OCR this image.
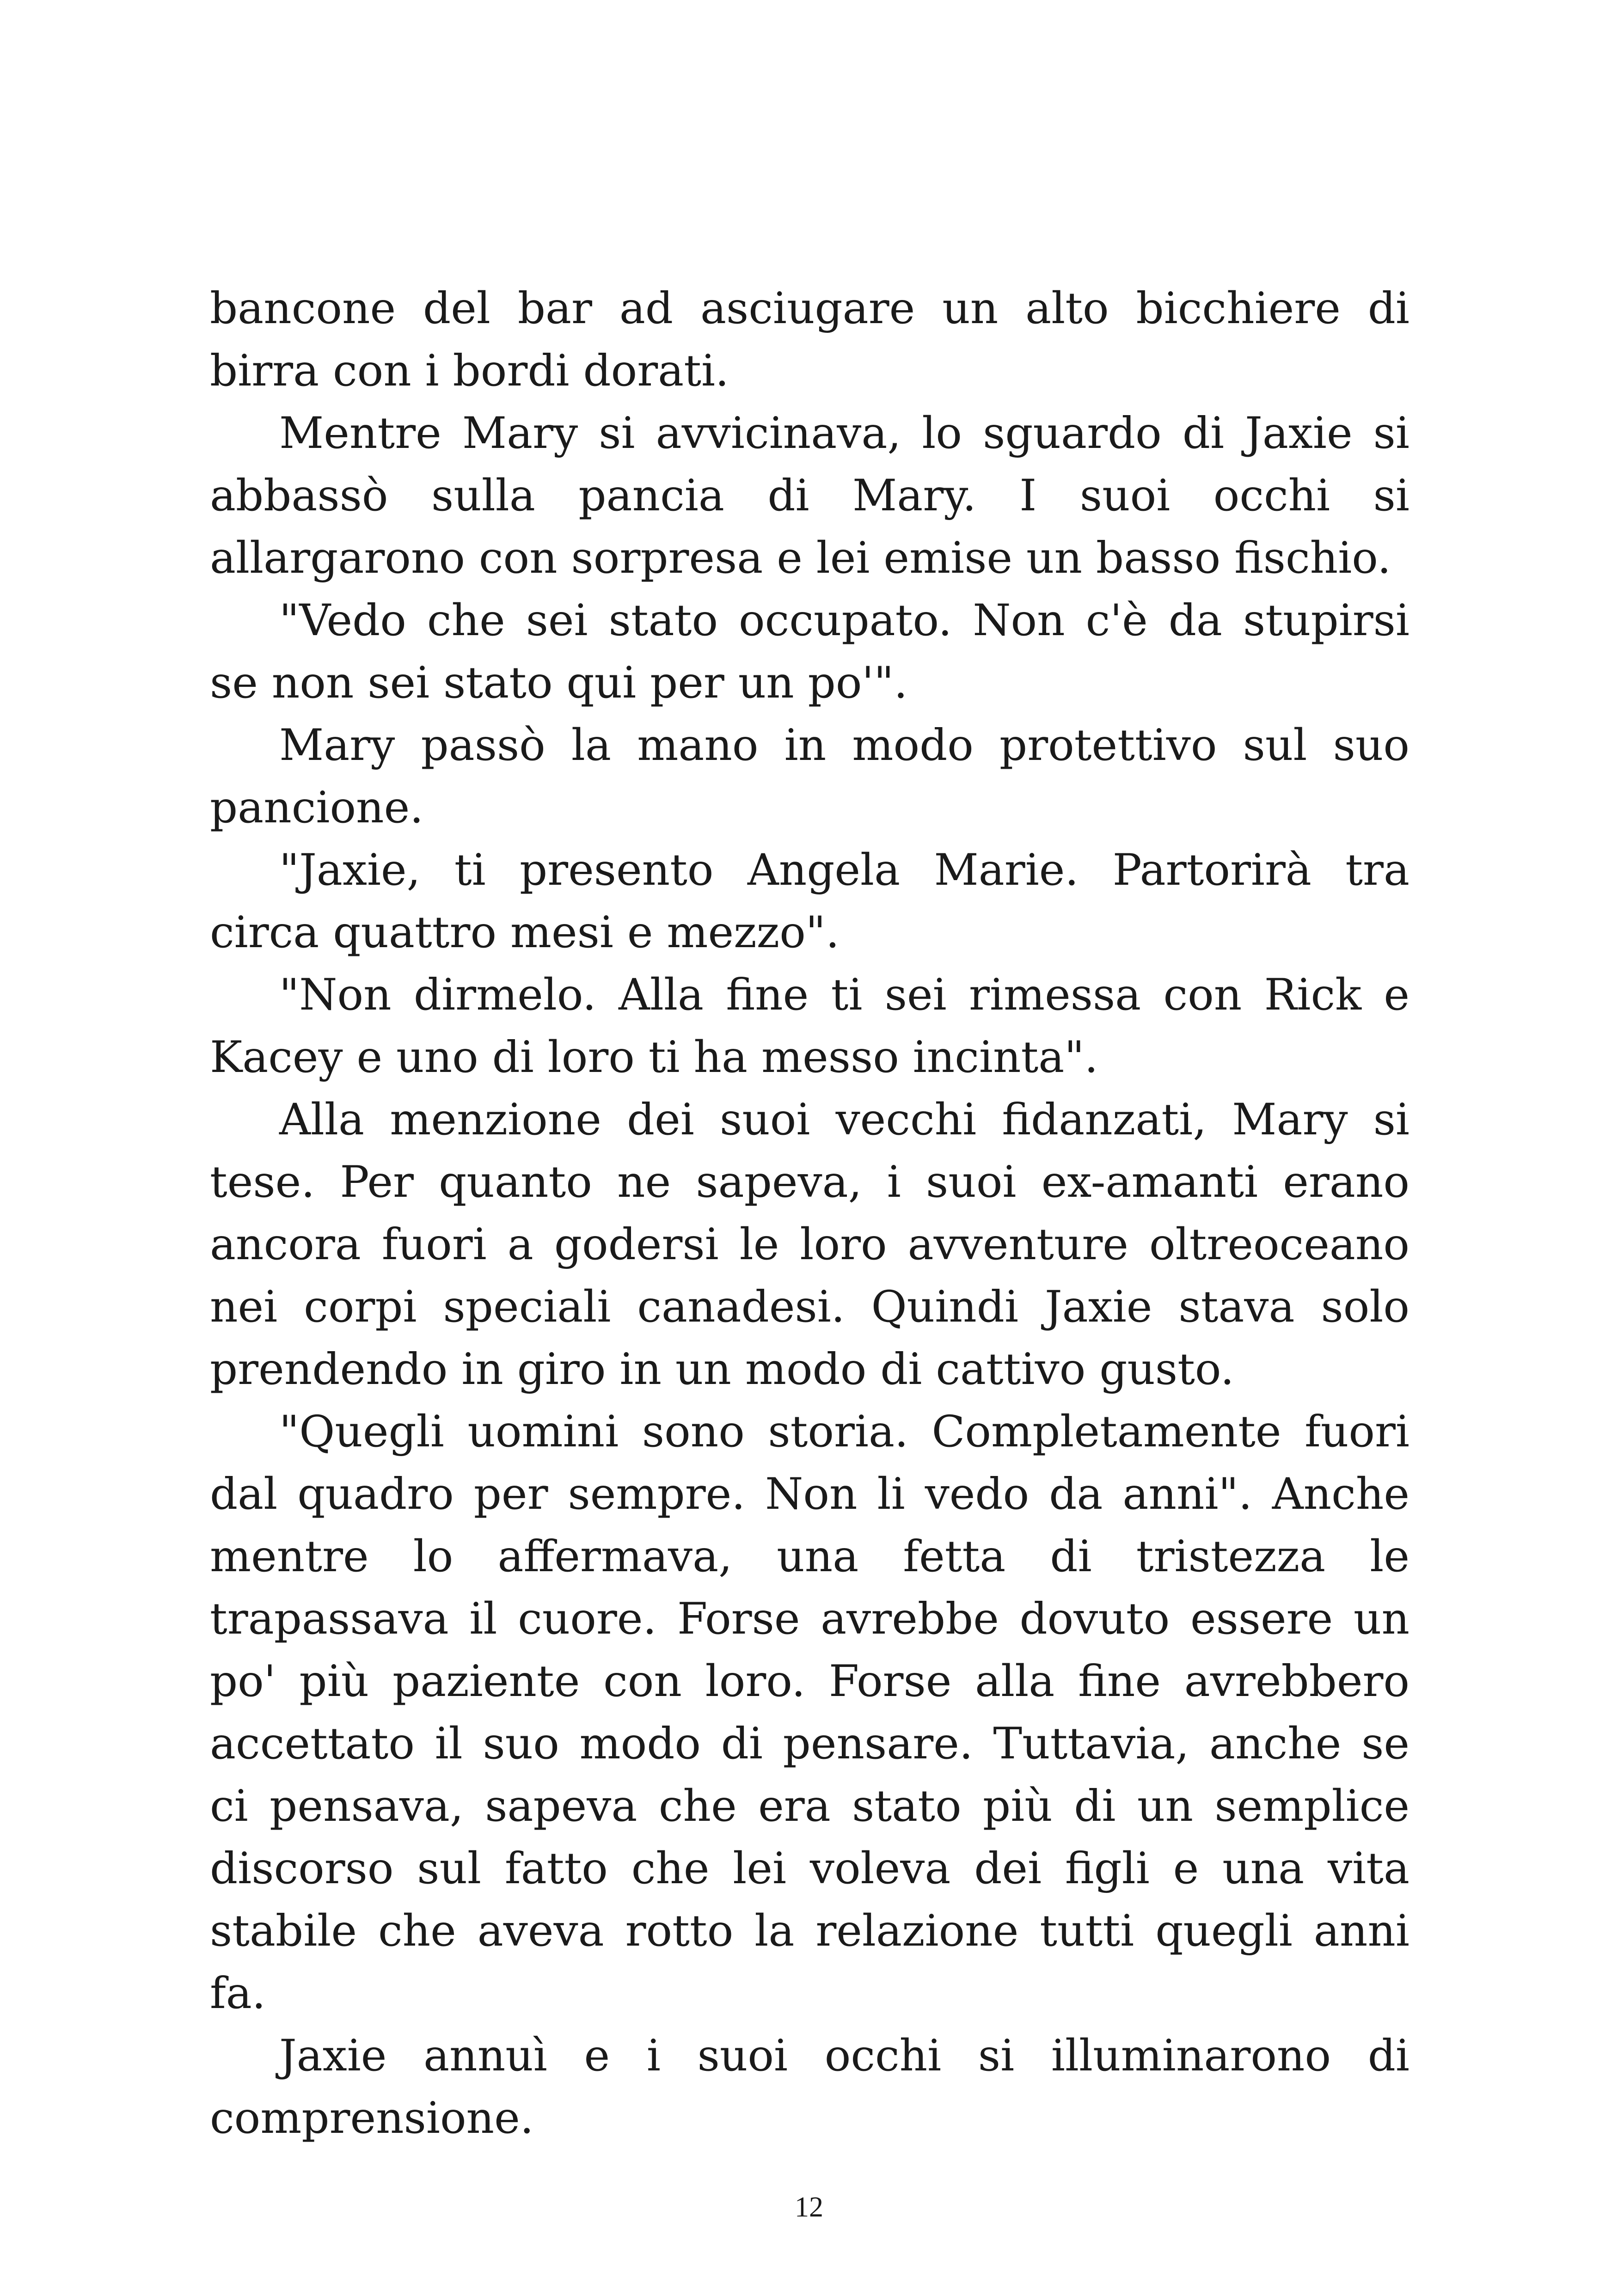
bancone del bar ad asciugare un alto bicchiere di birra con i bordi dorati.

Mentre Mary si avvicinava, lo sguardo di Jaxie si abbassò sulla pancia di Mary. I suoi occhi si allargarono con sorpresa e lei emise un basso fischio.

"Vedo che sei stato occupato. Non c'è da stupirsi se non sei stato qui per un po'".

Mary passò la mano in modo protettivo sul suo pancione.

"Jaxie, ti presento Angela Marie. Partorirà tra circa quattro mesi e mezzo".

"Non dirmelo. Alla fine ti sei rimessa con Rick e Kacey e uno di loro ti ha messo incinta".

Alla menzione dei suoi vecchi fidanzati, Mary si tese. Per quanto ne sapeva, i suoi ex-amanti erano ancora fuori a godersi le loro avventure oltreoceano nei corpi speciali canadesi. Quindi Jaxie stava solo prendendo in giro in un modo di cattivo gusto.

"Quegli uomini sono storia. Completamente fuori dal quadro per sempre. Non li vedo da anni". Anche mentre lo affermava, una fetta di tristezza le trapassava il cuore. Forse avrebbe dovuto essere un po' più paziente con loro. Forse alla fine avrebbero accettato il suo modo di pensare. Tuttavia, anche se ci pensava, sapeva che era stato più di un semplice discorso sul fatto che lei voleva dei figli e una vita stabile che aveva rotto la relazione tutti quegli anni fa.

Jaxie annuì e i suoi occhi si illuminarono di comprensione.

12
